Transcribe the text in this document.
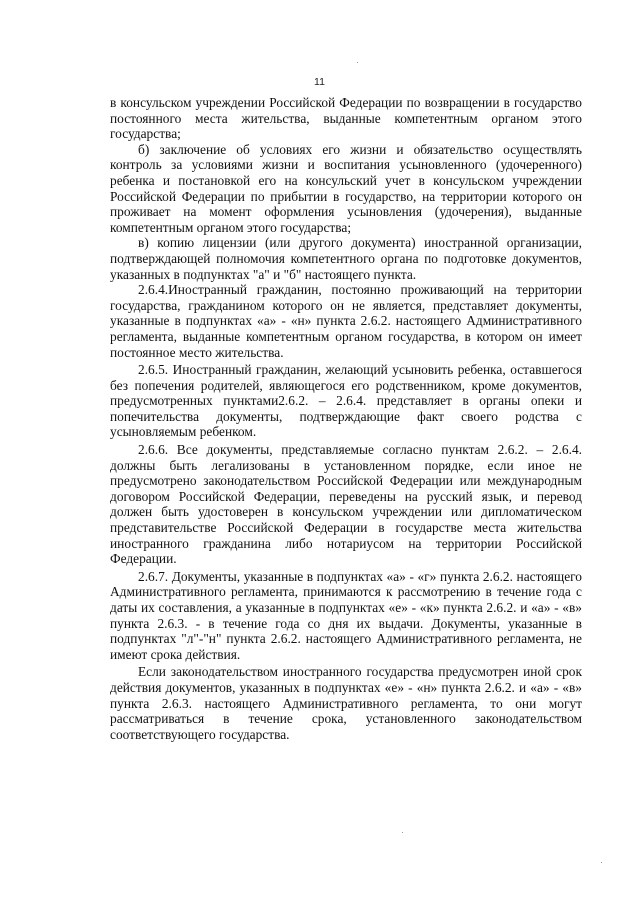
11

в консульском учреждении Российской Федерации по возвращении в государство постоянного места жительства, выданные компетентным органом этого государства;

б) заключение об условиях его жизни и обязательство осуществлять контроль за условиями жизни и воспитания усыновленного (удочеренного) ребенка и постановкой его на консульский учет в консульском учреждении Российской Федерации по прибытии в государство, на территории которого он проживает на момент оформления усыновления (удочерения), выданные компетентным органом этого государства;

в) копию лицензии (или другого документа) иностранной организации, подтверждающей полномочия компетентного органа по подготовке документов, указанных в подпунктах "а" и "б" настоящего пункта.

2.6.4.Иностранный гражданин, постоянно проживающий на территории государства, гражданином которого он не является, представляет документы, указанные в подпунктах «а» - «н» пункта 2.6.2. настоящего Административного регламента, выданные компетентным органом государства, в котором он имеет постоянное место жительства.

2.6.5. Иностранный гражданин, желающий усыновить ребенка, оставшегося без попечения родителей, являющегося его родственником, кроме документов, предусмотренных пунктами2.6.2. – 2.6.4. представляет в органы опеки и попечительства документы, подтверждающие факт своего родства с усыновляемым ребенком.

2.6.6. Все документы, представляемые согласно пунктам 2.6.2. – 2.6.4. должны быть легализованы в установленном порядке, если иное не предусмотрено законодательством Российской Федерации или международным договором Российской Федерации, переведены на русский язык, и перевод должен быть удостоверен в консульском учреждении или дипломатическом представительстве Российской Федерации в государстве места жительства иностранного гражданина либо нотариусом на территории Российской Федерации.

2.6.7. Документы, указанные в подпунктах «а» - «г» пункта 2.6.2. настоящего Административного регламента, принимаются к рассмотрению в течение года с даты их составления, а указанные в подпунктах «е» - «к» пункта 2.6.2. и «а» - «в» пункта 2.6.3. - в течение года со дня их выдачи. Документы, указанные в подпунктах "л"-"н" пункта 2.6.2. настоящего Административного регламента, не имеют срока действия.

Если законодательством иностранного государства предусмотрен иной срок действия документов, указанных в подпунктах «е» - «н» пункта 2.6.2. и «а» - «в» пункта 2.6.3. настоящего Административного регламента, то они могут рассматриваться в течение срока, установленного законодательством соответствующего государства.
